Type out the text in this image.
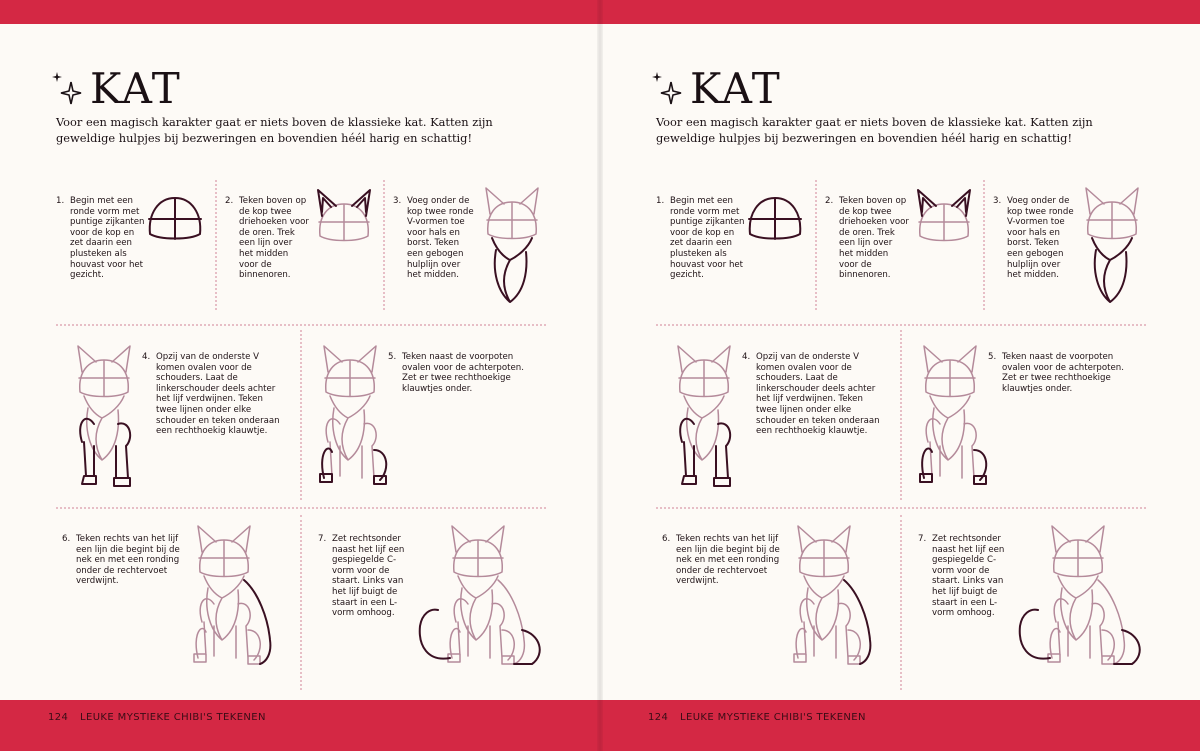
KAT

Voor een magisch karakter gaat er niets boven de klassieke kat. Katten zijn geweldige hulpjes bij bezweringen en bovendien héél harig en schattig!

1. Begin met een ronde vorm met puntige zijkanten voor de kop en zet daarin een plusteken als houvast voor het gezicht.
2. Teken boven op de kop twee driehoeken voor de oren. Trek een lijn over het midden voor de binnenoren.
3. Voeg onder de kop twee ronde V-vormen toe voor hals en borst. Teken een gebogen hulplijn over het midden.
4. Opzij van de onderste V komen ovalen voor de schouders. Laat de linkerschouder deels achter het lijf verdwijnen. Teken twee lijnen onder elke schouder en teken onderaan een rechthoekig klauwtje.
5. Teken naast de voorpoten ovalen voor de achterpoten. Zet er twee rechthoekige klauwtjes onder.
6. Teken rechts van het lijf een lijn die begint bij de nek en met een ronding onder de rechtervoet verdwijnt.
7. Zet rechtsonder naast het lijf een gespiegelde C-vorm voor de staart. Links van het lijf buigt de staart in een L-vorm omhoog.
124 LEUKE MYSTIEKE CHIBI'S TEKENEN
KAT

Voor een magisch karakter gaat er niets boven de klassieke kat. Katten zijn geweldige hulpjes bij bezweringen en bovendien héél harig en schattig!

1. Begin met een ronde vorm met puntige zijkanten voor de kop en zet daarin een plusteken als houvast voor het gezicht.
2. Teken boven op de kop twee driehoeken voor de oren. Trek een lijn over het midden voor de binnenoren.
3. Voeg onder de kop twee ronde V-vormen toe voor hals en borst. Teken een gebogen hulplijn over het midden.
4. Opzij van de onderste V komen ovalen voor de schouders. Laat de linkerschouder deels achter het lijf verdwijnen. Teken twee lijnen onder elke schouder en teken onderaan een rechthoekig klauwtje.
5. Teken naast de voorpoten ovalen voor de achterpoten. Zet er twee rechthoekige klauwtjes onder.
6. Teken rechts van het lijf een lijn die begint bij de nek en met een ronding onder de rechtervoet verdwijnt.
7. Zet rechtsonder naast het lijf een gespiegelde C-vorm voor de staart. Links van het lijf buigt de staart in een L-vorm omhoog.
124 LEUKE MYSTIEKE CHIBI'S TEKENEN
